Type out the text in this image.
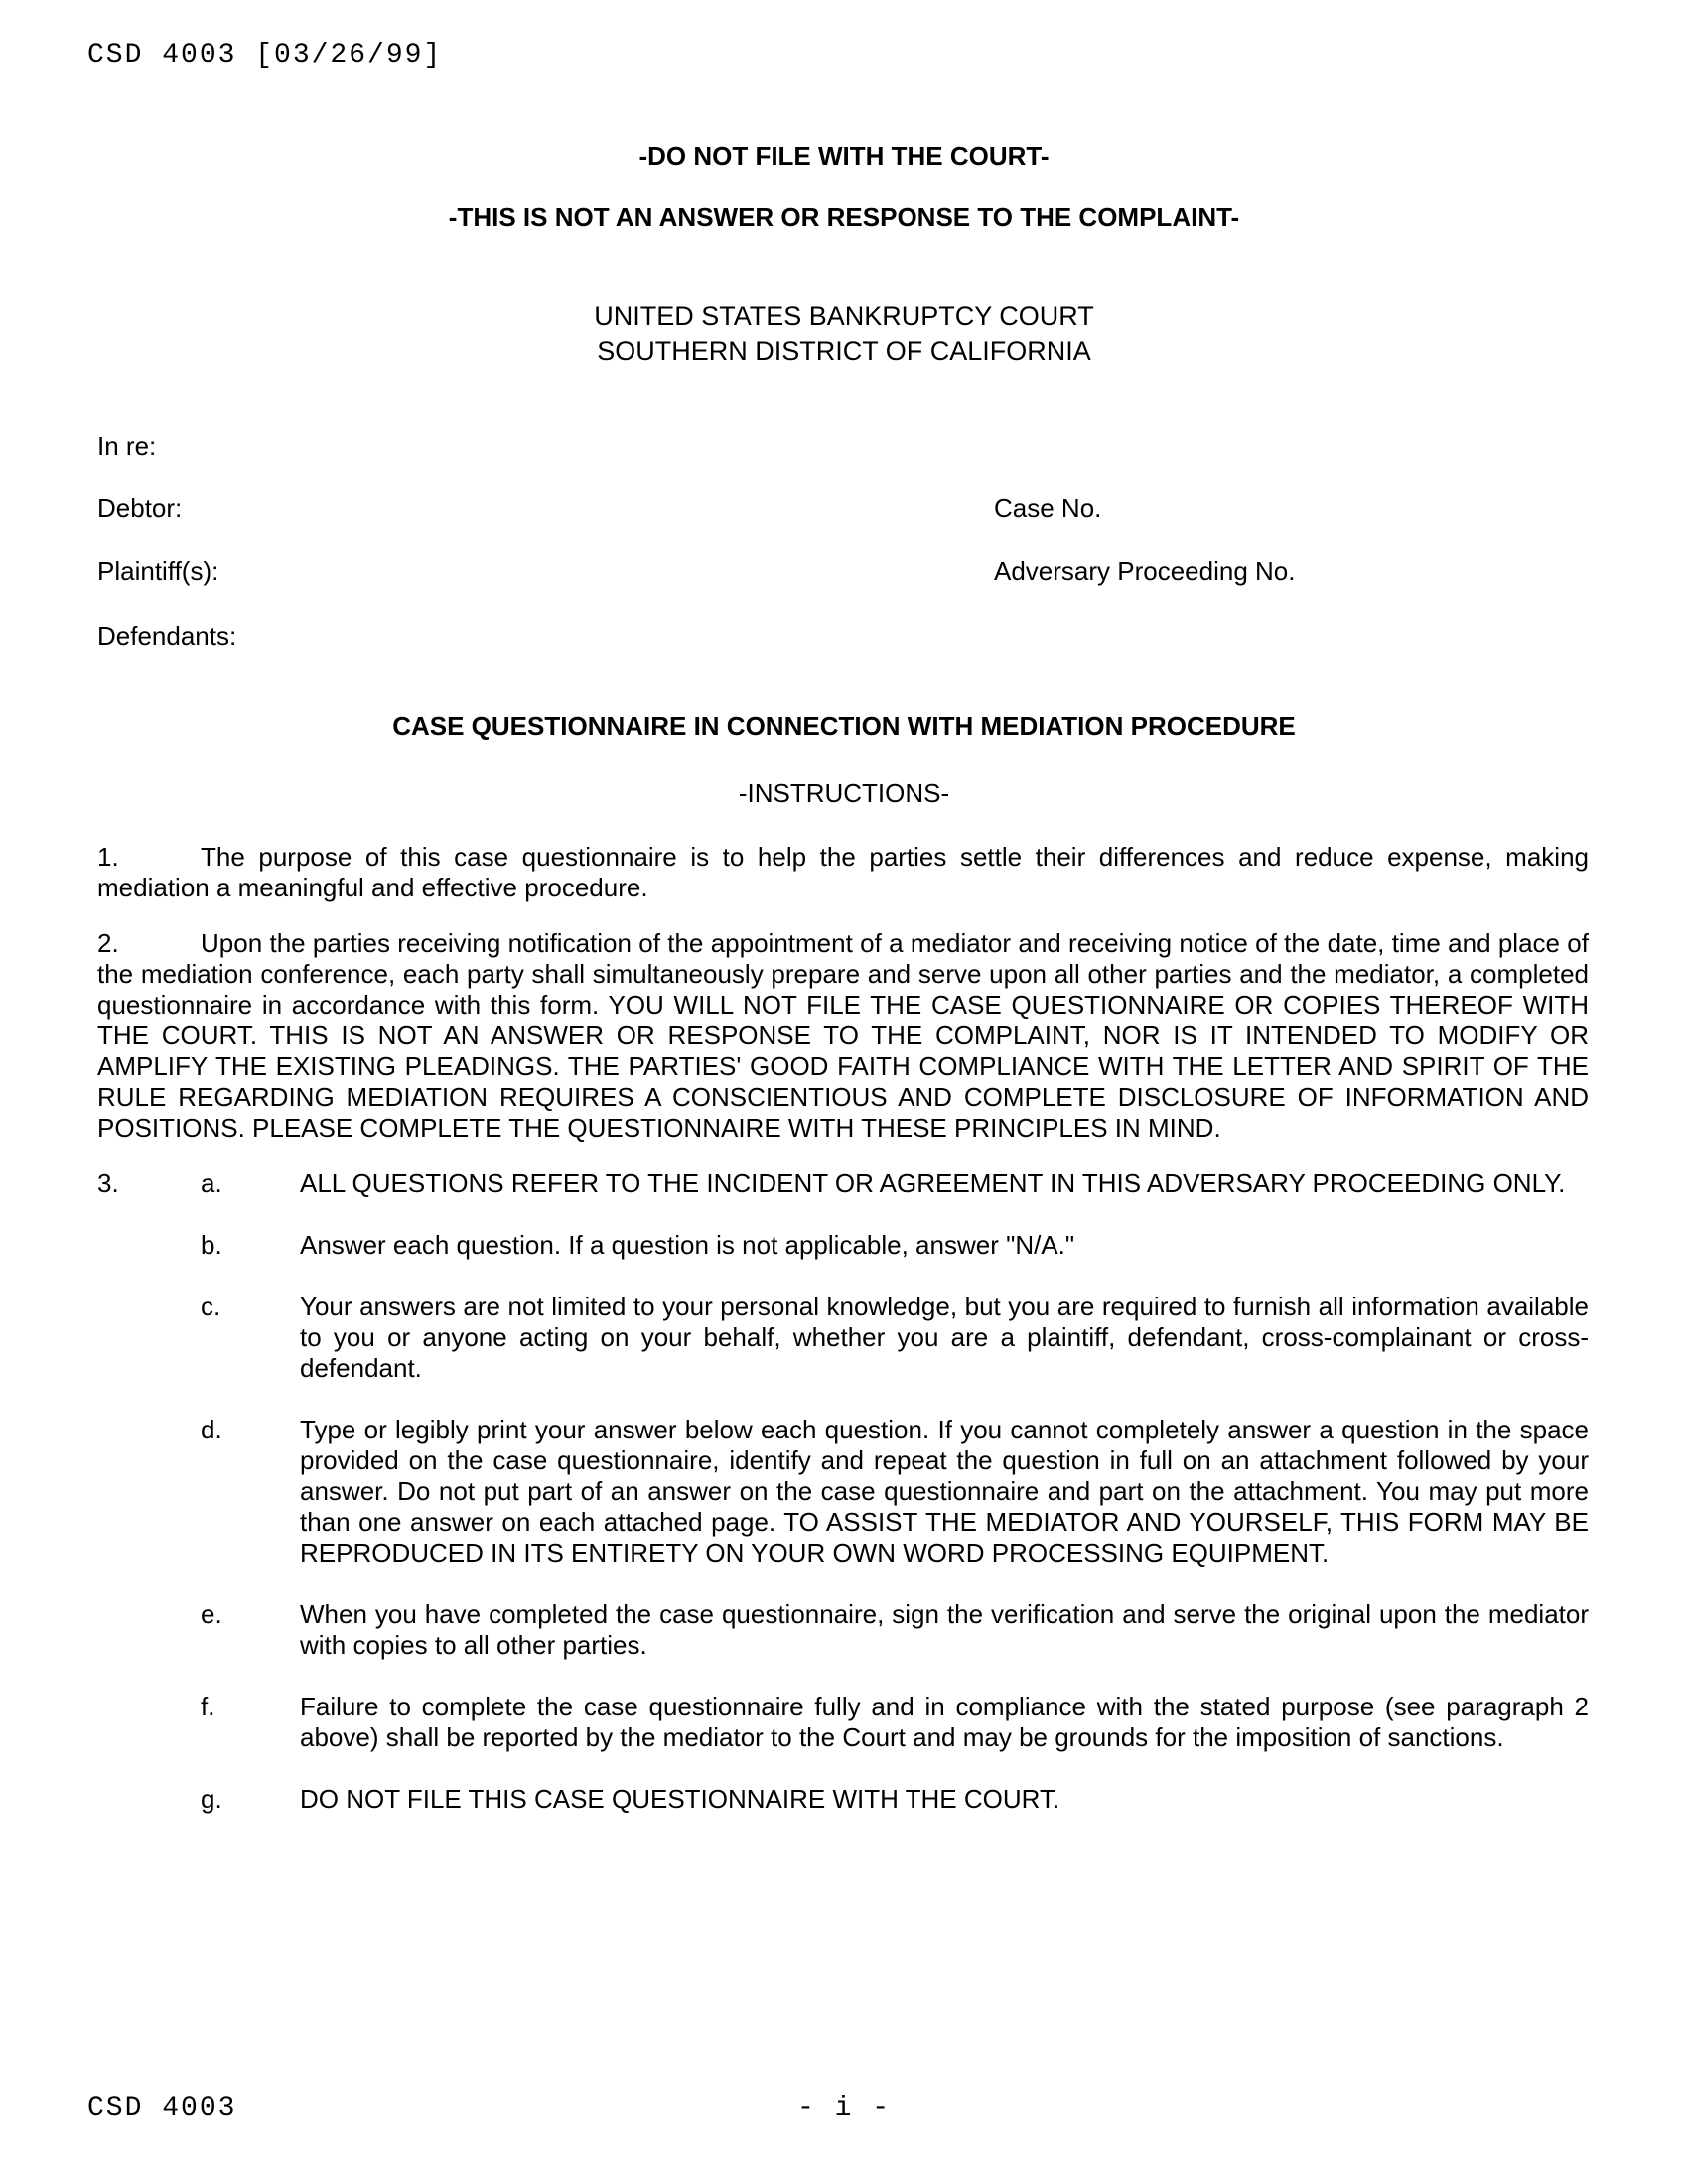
CSD 4003 [03/26/99]
-DO NOT FILE WITH THE COURT-
-THIS IS NOT AN ANSWER OR RESPONSE TO THE COMPLAINT-
UNITED STATES BANKRUPTCY COURT
SOUTHERN DISTRICT OF CALIFORNIA
In re:
Debtor:	Case No.
Plaintiff(s):	Adversary Proceeding No.
Defendants:
CASE QUESTIONNAIRE IN CONNECTION WITH MEDIATION PROCEDURE
-INSTRUCTIONS-

1.	The purpose of this case questionnaire is to help the parties settle their differences and reduce expense, making mediation a meaningful and effective procedure.

2.	Upon the parties receiving notification of the appointment of a mediator and receiving notice of the date, time and place of the mediation conference, each party shall simultaneously prepare and serve upon all other parties and the mediator, a completed questionnaire in accordance with this form. YOU WILL NOT FILE THE CASE QUESTIONNAIRE OR COPIES THEREOF WITH THE COURT. THIS IS NOT AN ANSWER OR RESPONSE TO THE COMPLAINT, NOR IS IT INTENDED TO MODIFY OR AMPLIFY THE EXISTING PLEADINGS. THE PARTIES' GOOD FAITH COMPLIANCE WITH THE LETTER AND SPIRIT OF THE RULE REGARDING MEDIATION REQUIRES A CONSCIENTIOUS AND COMPLETE DISCLOSURE OF INFORMATION AND POSITIONS. PLEASE COMPLETE THE QUESTIONNAIRE WITH THESE PRINCIPLES IN MIND.

3.	a.	ALL QUESTIONS REFER TO THE INCIDENT OR AGREEMENT IN THIS ADVERSARY PROCEEDING ONLY.
b.	Answer each question. If a question is not applicable, answer "N/A."
c.	Your answers are not limited to your personal knowledge, but you are required to furnish all information available to you or anyone acting on your behalf, whether you are a plaintiff, defendant, cross-complainant or cross-defendant.
d.	Type or legibly print your answer below each question. If you cannot completely answer a question in the space provided on the case questionnaire, identify and repeat the question in full on an attachment followed by your answer. Do not put part of an answer on the case questionnaire and part on the attachment. You may put more than one answer on each attached page. TO ASSIST THE MEDIATOR AND YOURSELF, THIS FORM MAY BE REPRODUCED IN ITS ENTIRETY ON YOUR OWN WORD PROCESSING EQUIPMENT.
e.	When you have completed the case questionnaire, sign the verification and serve the original upon the mediator with copies to all other parties.
f.	Failure to complete the case questionnaire fully and in compliance with the stated purpose (see paragraph 2 above) shall be reported by the mediator to the Court and may be grounds for the imposition of sanctions.
g.	DO NOT FILE THIS CASE QUESTIONNAIRE WITH THE COURT.
CSD 4003	- i -
